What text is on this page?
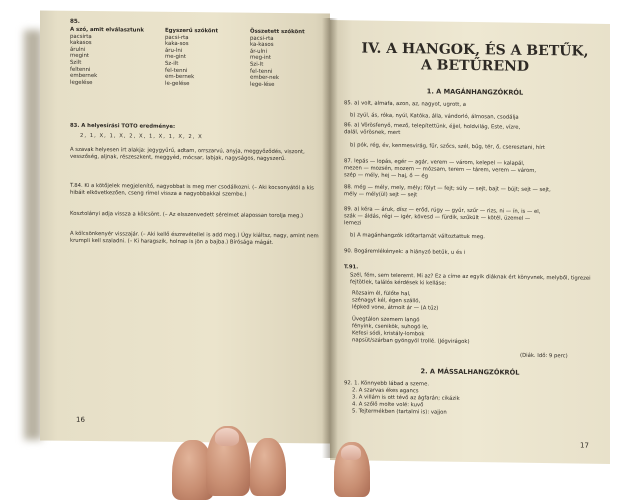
85.

A szó, amit elválasztunk

pacsirta

kakasos

árulni

megint

Szilt

feltenni

embernek

legelése

Egyszerű szókönt

pacsi-rta

kaka-sos

áru-lni

me-gint

Sz-ilt

fel-tenni

em-bernek

le-gelése

Összetett szókönt

pacsi-rta

ka-kasos

ár-ulni

meg-int

Szi-lt

fel-tenni

ember-nek

lege-lése

83. A helyesírási TOTO eredménye:
2, 1, X, 1, X, 2, X, 1, X, 1, X, 2, X
A szavak helyesen írt alakja: jegygyűrű, adtam, orrszarvú, anyja, meggyőződés, viszont, vesszőség, aljnak, részeszkent, meggyéd, mócsar, labjak, nagyságos, nagyszerű.
T.84. Ki a kötőjelek megjelenítő, nagyobbat is meg mer csodálkozni. (– Aki kocsonyától a kis hibáit elkövetkezően, cseng rímel vissza a nagyobbakkal szembe.)
Kosztolányi adja vissza a kölcsönt. (– Az elsszenvedett sérelmet alapossan torolja meg.)
A kölcsönkenyér visszajár. (– Aki kellő észrevétellel is add meg.) Úgy kiáltsz, nagy, amint nem krumpli kell szaladni. (– Ki haragszik, holnap is jön a bajba.) Bírósága mágát.
16
IV. A HANGOK, ÉS A BETŰK,
A BETŰREND
1. A MAGÁNHANGZÓKRÓL
85. a) volt, almafa, azon, az, nagyot, ugrott, a
b) zyúl, ás, róka, nyúl, Katóka, álla, vándorló, álmosan, csodálja
86. a) Vörösfenyő, mező, telepítettünk, éjjel, holdvilág, Este, vízre,
dalál, vörösnek, mert
b) pók, rég, év, kenmesvirág, fűr, szőcs, szél, bűg, tér, ő, cseresztani, hírt
87. lepás — lopás, egér — agár, verem — várom, kelepel — kalapál,
mezen — mozsén, mozem — mózsam, terem — tárem, verem — várom,
szép — mély, hej — haj, ő — ég
88. még — mély, mely, mély; fölyt — fejt; süly — sejt, bajt — bújt; sejt — sejt,
mély — mély(ül) sejt — sejt
89. a) kéra — áruk, dísz — erőd, rúgy — gyűr, szűr — rizs, ni — ín, is — el,
szák — áldás, régi — igér, kövesd — fürdik, szűkült — kötél, üzemel —
lemezi
b) A magánhangzók időtartamát változtattuk meg.
90. Bogáremlékények: a hiányzó betűk, u és i
T.91.
Szél, fém, sem teleremt. Mi az? Ez a címe az egyik diáknak ért könyvnek, melyből, tigrezei fejtötlek, találós kérdések ki kelláse:
Rözsaim él, fülőte hal,
szénagyt kél, égen szálló,
lépked vone, átmoit ár — (A tűz)
Üvegtálon szemem langó
fényink, csenikök, suhogó le,
Kefesi sódi, kristály-lombok
napsüt/szárban gyöngyöl trollé. (Jégvirágok)
(Diák. Idő: 9 perc)
2. A MÁSSALHANGZÓKRÓL
92. 1. Könnyebb lábad a szeme.
2. A szarvas ékes agancs
3. A villám is ott tévő az ágfarán; cikázik
4. A szőlő molte volé: kuvő
5. Tejtermékben (tartalmi is): vajjon
17
